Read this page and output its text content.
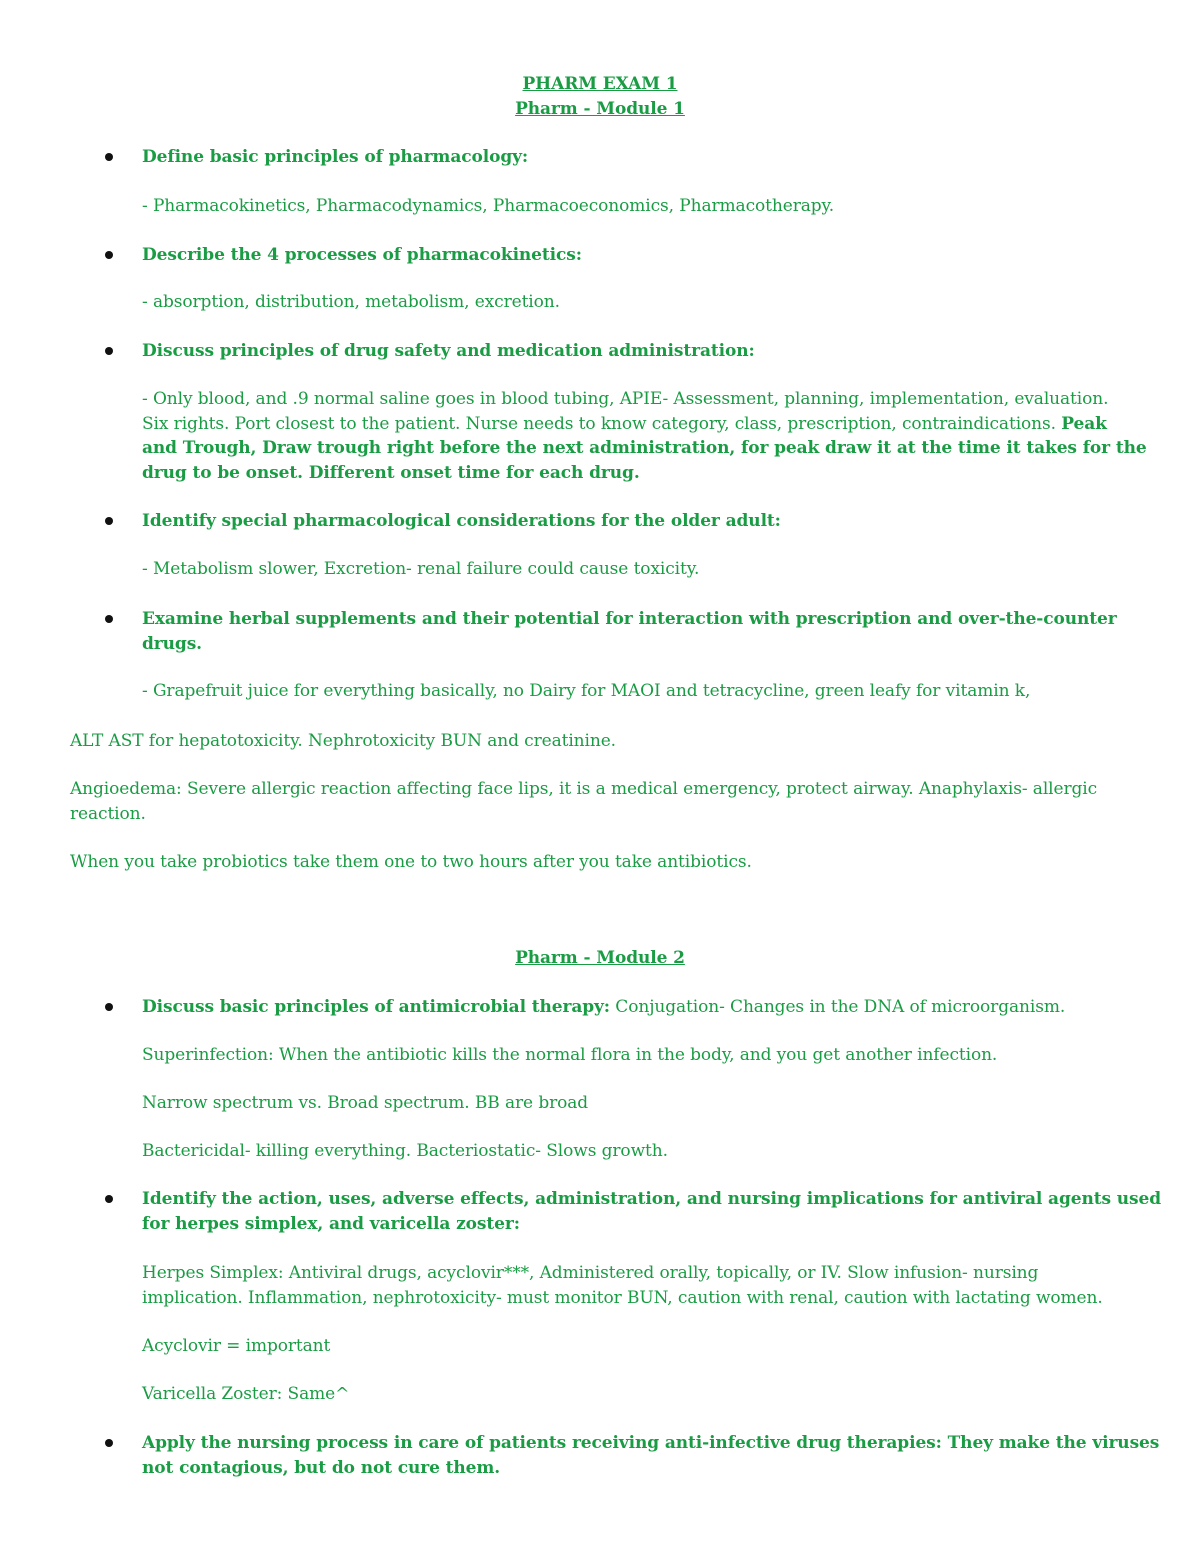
PHARM EXAM 1
Pharm - Module 1
Define basic principles of pharmacology:
- Pharmacokinetics, Pharmacodynamics, Pharmacoeconomics, Pharmacotherapy.
Describe the 4 processes of pharmacokinetics:
- absorption, distribution, metabolism, excretion.
Discuss principles of drug safety and medication administration:
- Only blood, and .9 normal saline goes in blood tubing, APIE- Assessment, planning, implementation, evaluation.
Six rights. Port closest to the patient. Nurse needs to know category, class, prescription, contraindications. Peak
and Trough, Draw trough right before the next administration, for peak draw it at the time it takes for the
drug to be onset. Different onset time for each drug.
Identify special pharmacological considerations for the older adult:
- Metabolism slower, Excretion- renal failure could cause toxicity.
Examine herbal supplements and their potential for interaction with prescription and over-the-counter
drugs.
- Grapefruit juice for everything basically, no Dairy for MAOI and tetracycline, green leafy for vitamin k,
ALT AST for hepatotoxicity. Nephrotoxicity BUN and creatinine.
Angioedema: Severe allergic reaction affecting face lips, it is a medical emergency, protect airway. Anaphylaxis- allergic
reaction.
When you take probiotics take them one to two hours after you take antibiotics.
Pharm - Module 2
Discuss basic principles of antimicrobial therapy: Conjugation- Changes in the DNA of microorganism.
Superinfection: When the antibiotic kills the normal flora in the body, and you get another infection.
Narrow spectrum vs. Broad spectrum. BB are broad
Bactericidal- killing everything. Bacteriostatic- Slows growth.
Identify the action, uses, adverse effects, administration, and nursing implications for antiviral agents used
for herpes simplex, and varicella zoster:
Herpes Simplex: Antiviral drugs, acyclovir***, Administered orally, topically, or IV. Slow infusion- nursing
implication. Inflammation, nephrotoxicity- must monitor BUN, caution with renal, caution with lactating women.
Acyclovir = important
Varicella Zoster: Same^
Apply the nursing process in care of patients receiving anti-infective drug therapies: They make the viruses
not contagious, but do not cure them.
